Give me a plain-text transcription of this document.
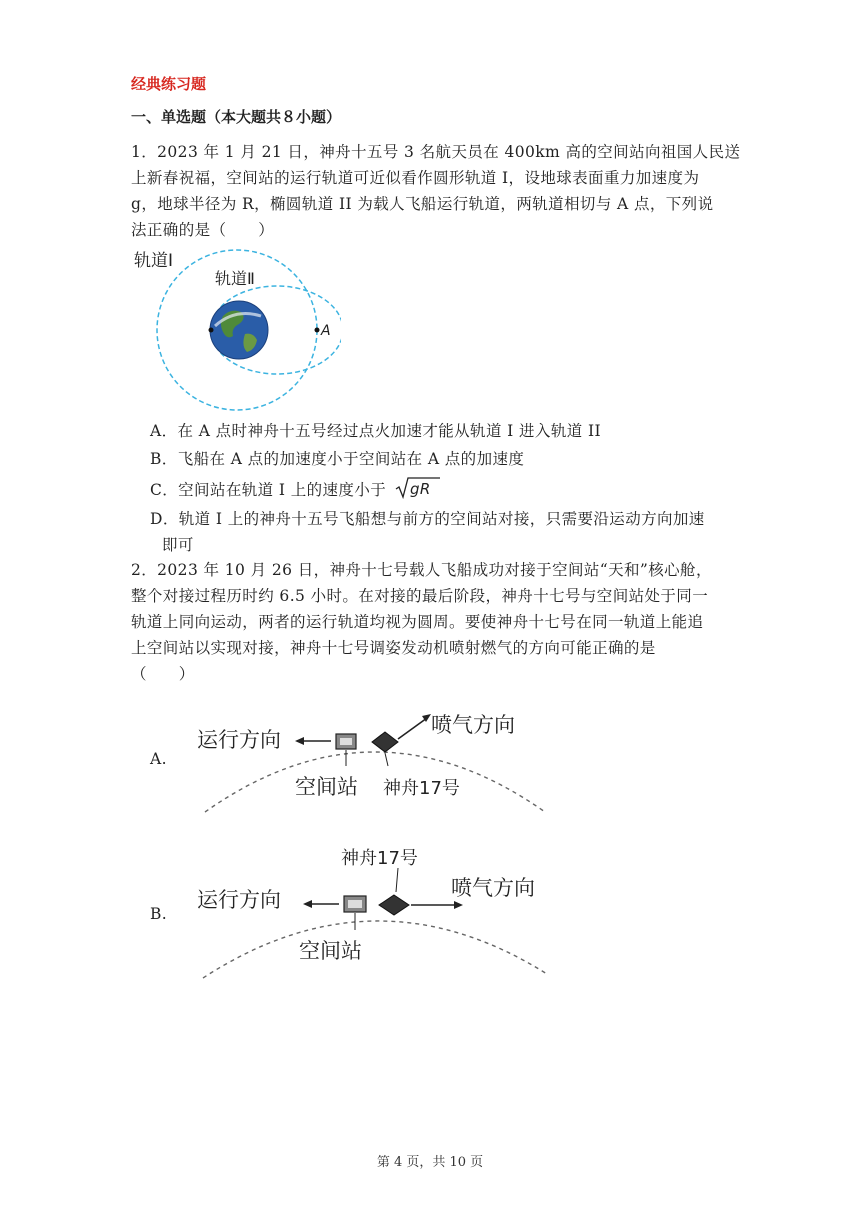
经典练习题
一、单选题（本大题共８小题）
1．2023 年 1 月 21 日，神舟十五号 3 名航天员在 400km 高的空间站向祖国人民送
上新春祝福，空间站的运行轨道可近似看作圆形轨道 I，设地球表面重力加速度为
g，地球半径为 R，椭圆轨道 II 为载人飞船运行轨道，两轨道相切与 A 点，下列说
法正确的是（　　）
轨道Ⅰ
轨道Ⅱ
A
A．在 A 点时神舟十五号经过点火加速才能从轨道 I 进入轨道 II
B．飞船在 A 点的加速度小于空间站在 A 点的加速度
C．空间站在轨道 I 上的速度小于 gR
D．轨道 I 上的神舟十五号飞船想与前方的空间站对接，只需要沿运动方向加速
即可
2．2023 年 10 月 26 日，神舟十七号载人飞船成功对接于空间站“天和”核心舱，
整个对接过程历时约 6.5 小时。在对接的最后阶段，神舟十七号与空间站处于同一
轨道上同向运动，两者的运行轨道均视为圆周。要使神舟十七号在同一轨道上能追
上空间站以实现对接，神舟十七号调姿发动机喷射燃气的方向可能正确的是
（　　）
A.
运行方向
喷气方向
空间站 神舟17号
B.
神舟17号
运行方向	喷气方向
空间站
第 4 页，共 10 页
